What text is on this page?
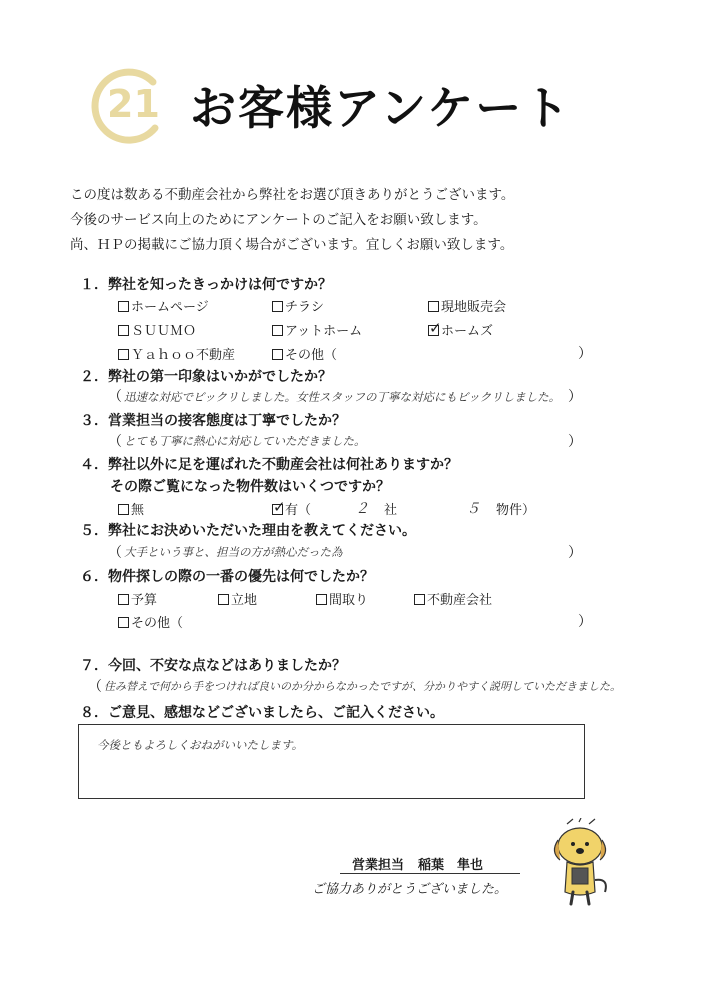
21 お客様アンケート
この度は数ある不動産会社から弊社をお選び頂きありがとうございます。
今後のサービス向上のためにアンケートのご記入をお願い致します。
尚、ＨＰの掲載にご協力頂く場合がございます。宜しくお願い致します。
１．弊社を知ったきっかけは何ですか？
ホームページ	チラシ	現地販売会
ＳＵＵＭＯ	アットホーム ✓	ホームズ
Ｙａｈｏｏ不動産	その他（	）
２．弊社の第一印象はいかがでしたか？
（ 迅速な対応でビックリしました。女性スタッフの丁寧な対応にもビックリしました。 ）
３．営業担当の接客態度は丁寧でしたか？
（ とても丁寧に熱心に対応していただきました。	）
４．弊社以外に足を運ばれた不動産会社は何社ありますか？
その際ご覧になった物件数はいくつですか？
無 ✓	有（	２ 社	５ 物件）
５．弊社にお決めいただいた理由を教えてください。
（ 大手という事と、担当の方が熱心だった為	）
６．物件探しの際の一番の優先は何でしたか？
予算	立地	間取り	不動産会社
その他（	）
７．今回、不安な点などはありましたか？
（ 住み替えで何から手をつければ良いのか分からなかったですが、分かりやすく説明していただきました。
８．ご意見、感想などございましたら、ご記入ください。
今後ともよろしくおねがいいたします。
営業担当 稲葉　隼也
ご協力ありがとうございました。
